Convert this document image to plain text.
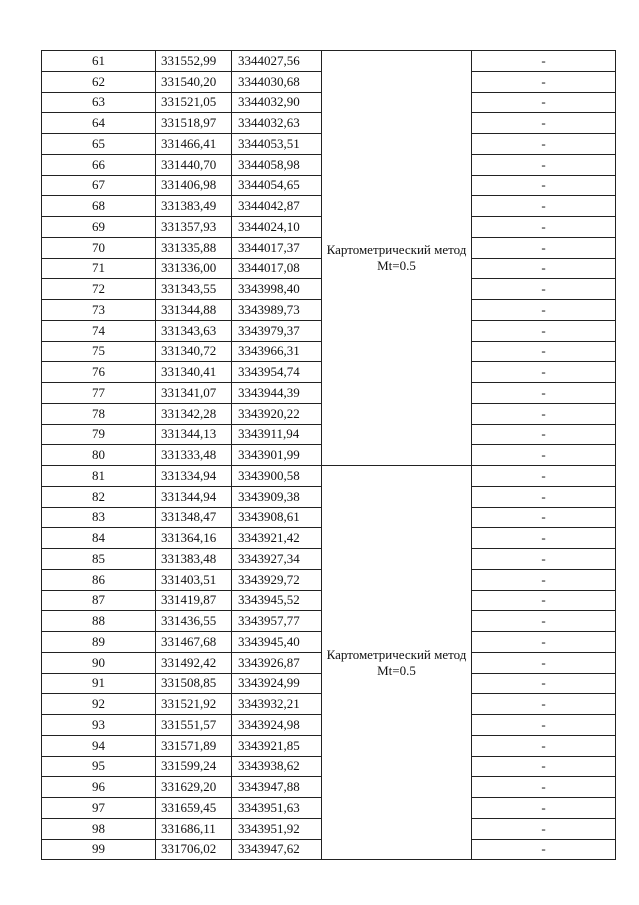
61	331552,99	3344027,56	Картометрический метод Mt=0.5	-
62	331540,20	3344030,68		-
63	331521,05	3344032,90		-
64	331518,97	3344032,63		-
65	331466,41	3344053,51		-
66	331440,70	3344058,98		-
67	331406,98	3344054,65		-
68	331383,49	3344042,87		-
69	331357,93	3344024,10		-
70	331335,88	3344017,37		-
71	331336,00	3344017,08		-
72	331343,55	3343998,40		-
73	331344,88	3343989,73		-
74	331343,63	3343979,37		-
75	331340,72	3343966,31		-
76	331340,41	3343954,74		-
77	331341,07	3343944,39		-
78	331342,28	3343920,22		-
79	331344,13	3343911,94		-
80	331333,48	3343901,99		-
81	331334,94	3343900,58	Картометрический метод Mt=0.5	-
82	331344,94	3343909,38		-
83	331348,47	3343908,61		-
84	331364,16	3343921,42		-
85	331383,48	3343927,34		-
86	331403,51	3343929,72		-
87	331419,87	3343945,52		-
88	331436,55	3343957,77		-
89	331467,68	3343945,40		-
90	331492,42	3343926,87		-
91	331508,85	3343924,99		-
92	331521,92	3343932,21		-
93	331551,57	3343924,98		-
94	331571,89	3343921,85		-
95	331599,24	3343938,62		-
96	331629,20	3343947,88		-
97	331659,45	3343951,63		-
98	331686,11	3343951,92		-
99	331706,02	3343947,62		-
